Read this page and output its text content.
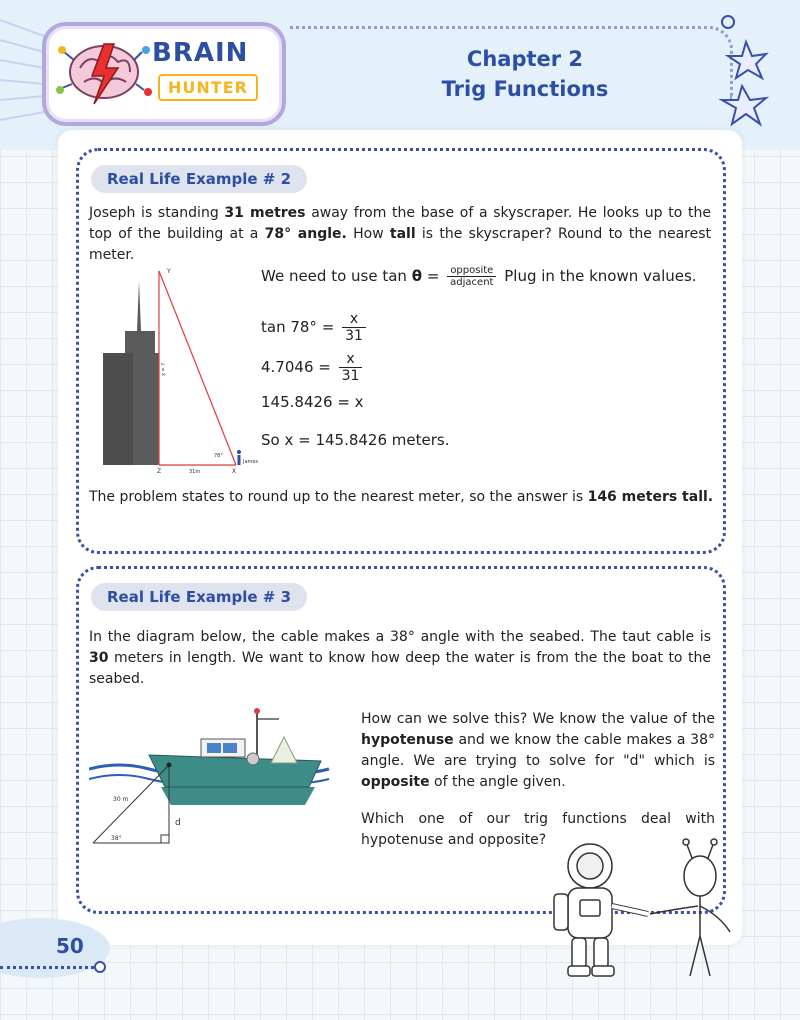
BRAIN
HUNTER
Chapter 2
Trig Functions
Real Life Example # 2
Joseph is standing 31 metres away from the base of a skyscraper. He looks up to the top of the building at a 78° angle. How tall is the skyscraper? Round to the nearest meter.
Y
Z	X
31m
78°
x = ?
James
We need to use $\tan \theta = \frac{\text{opposite}}{\text{adjacent}}$ Plug in the known values.
$\tan 78^\circ = \frac{x}{31}$
$4.7046 = \frac{x}{31}$
145.8426 = x
So x = 145.8426 meters.
The problem states to round up to the nearest meter, so the answer is 146 meters tall.
Real Life Example # 3
In the diagram below, the cable makes a 38° angle with the seabed. The taut cable is 30 meters in length. We want to know how deep the water is from the the boat to the seabed.
30 m
d
38°
How can we solve this? We know the value of the hypotenuse and we know the cable makes a 38° angle. We are trying to solve for "d" which is opposite of the angle given.
Which one of our trig functions deal with hypotenuse and opposite?
50
